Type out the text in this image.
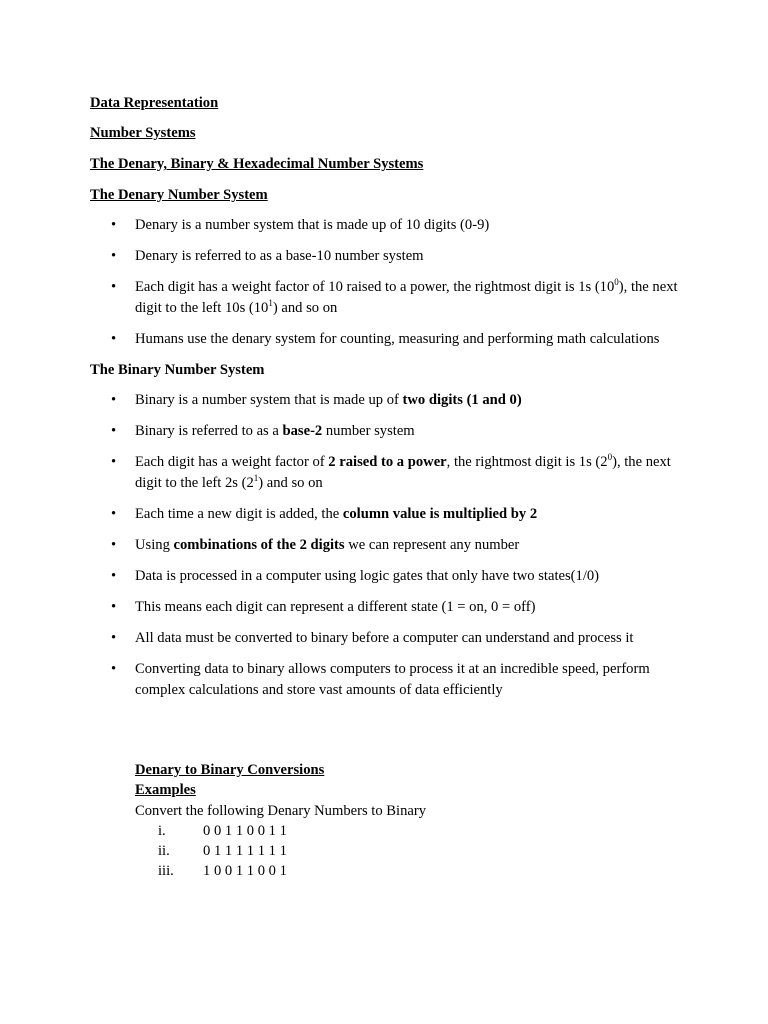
Data Representation
Number Systems
The Denary, Binary & Hexadecimal Number Systems
The Denary Number System
• Denary is a number system that is made up of 10 digits (0-9)
• Denary is referred to as a base-10 number system
• Each digit has a weight factor of 10 raised to a power, the rightmost digit is 1s $(10^0)$, the next digit to the left 10s $(10^1)$ and so on
• Humans use the denary system for counting, measuring and performing math calculations
The Binary Number System
• Binary is a number system that is made up of two digits (1 and 0)
• Binary is referred to as a base-2 number system
• Each digit has a weight factor of 2 raised to a power, the rightmost digit is 1s $(2^0)$, the next digit to the left 2s $(2^1)$ and so on
• Each time a new digit is added, the column value is multiplied by 2
• Using combinations of the 2 digits we can represent any number
• Data is processed in a computer using logic gates that only have two states(1/0)
• This means each digit can represent a different state (1 = on, 0 = off)
• All data must be converted to binary before a computer can understand and process it
• Converting data to binary allows computers to process it at an incredible speed, perform complex calculations and store vast amounts of data efficiently

Denary to Binary Conversions

Examples

Convert the following Denary Numbers to Binary

i.	0 0 1 1 0 0 1 1
ii.	0 1 1 1 1 1 1 1
iii.	1 0 0 1 1 0 0 1
